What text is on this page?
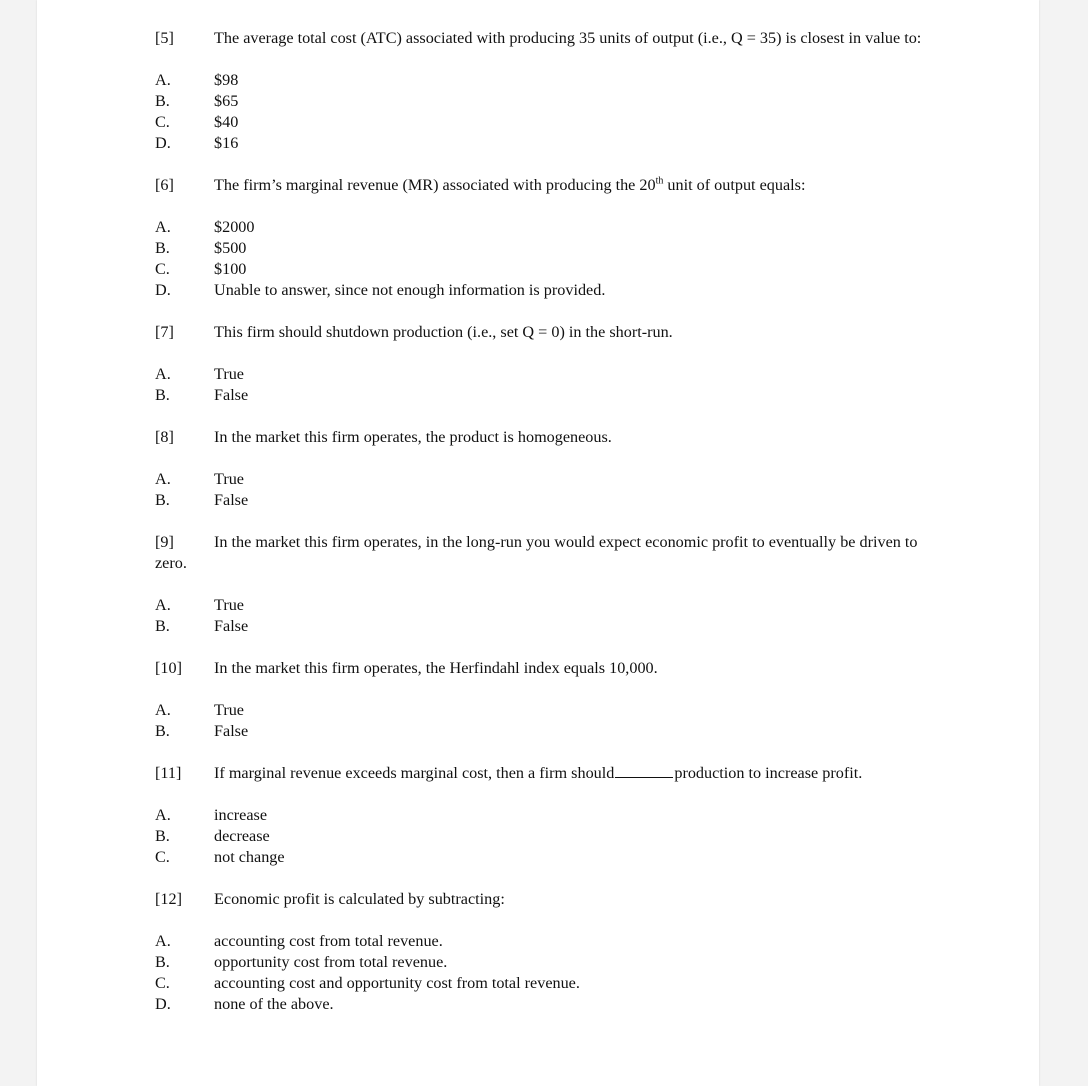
[5] The average total cost (ATC) associated with producing 35 units of output (i.e., Q = 35) is closest in value to:

A.	$98
B.	$65
C.	$40
D.	$16

[6]	The firm’s marginal revenue (MR) associated with producing the 20th unit of output equals:

A.	$2000
B.	$500
C.	$100
D.	Unable to answer, since not enough information is provided.

[7]	This firm should shutdown production (i.e., set Q = 0) in the short-run.

A.	True
B.	False

[8]	In the market this firm operates, the product is homogeneous.

A.	True
B.	False

[9] In the market this firm operates, in the long-run you would expect economic profit to eventually be driven to zero.

A.	True
B.	False

[10]	In the market this firm operates, the Herfindahl index equals 10,000.

A.	True
B.	False

[11]	If marginal revenue exceeds marginal cost, then a firm should	production to increase profit.

A.	increase
B.	decrease
C.	not change

[12]	Economic profit is calculated by subtracting:

A.	accounting cost from total revenue.
B.	opportunity cost from total revenue.
C.	accounting cost and opportunity cost from total revenue.
D.	none of the above.
